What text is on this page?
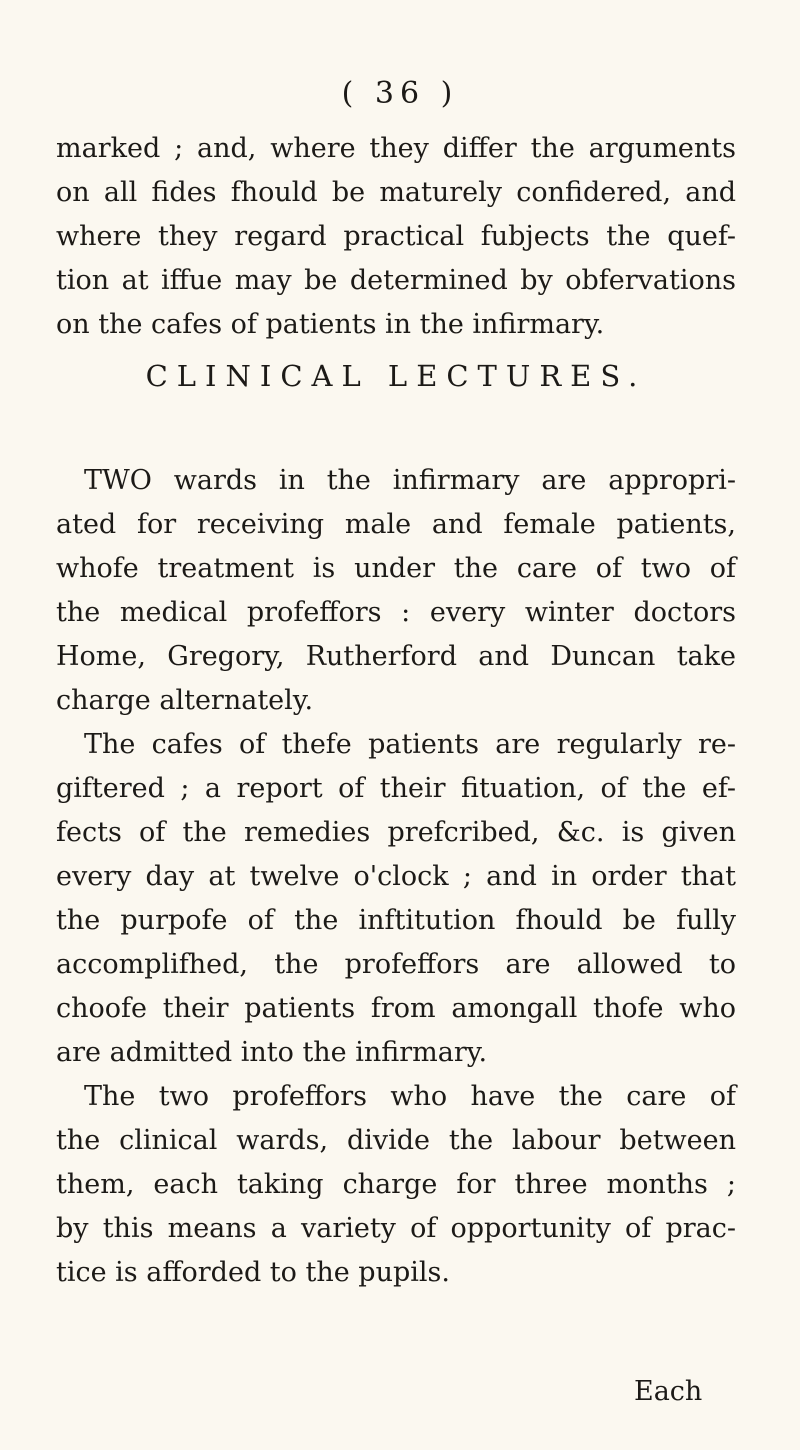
( 36 )
marked ; and, where they differ the arguments
on all fides fhould be maturely confidered, and
where they regard practical fubjects the quef-
tion at iffue may be determined by obfervations
on the cafes of patients in the infirmary.
CLINICAL LECTURES.
TWO wards in the infirmary are appropri-
ated for receiving male and female patients,
whofe treatment is under the care of two of
the medical profeffors : every winter doctors
Home, Gregory, Rutherford and Duncan take
charge alternately.
The cafes of thefe patients are regularly re-
giftered ; a report of their fituation, of the ef-
fects of the remedies prefcribed, &c. is given
every day at twelve o'clock ; and in order that
the purpofe of the inftitution fhould be fully
accomplifhed, the profeffors are allowed to
choofe their patients from amongall thofe who
are admitted into the infirmary.
The two profeffors who have the care of
the clinical wards, divide the labour between
them, each taking charge for three months ;
by this means a variety of opportunity of prac-
tice is afforded to the pupils.
Each
